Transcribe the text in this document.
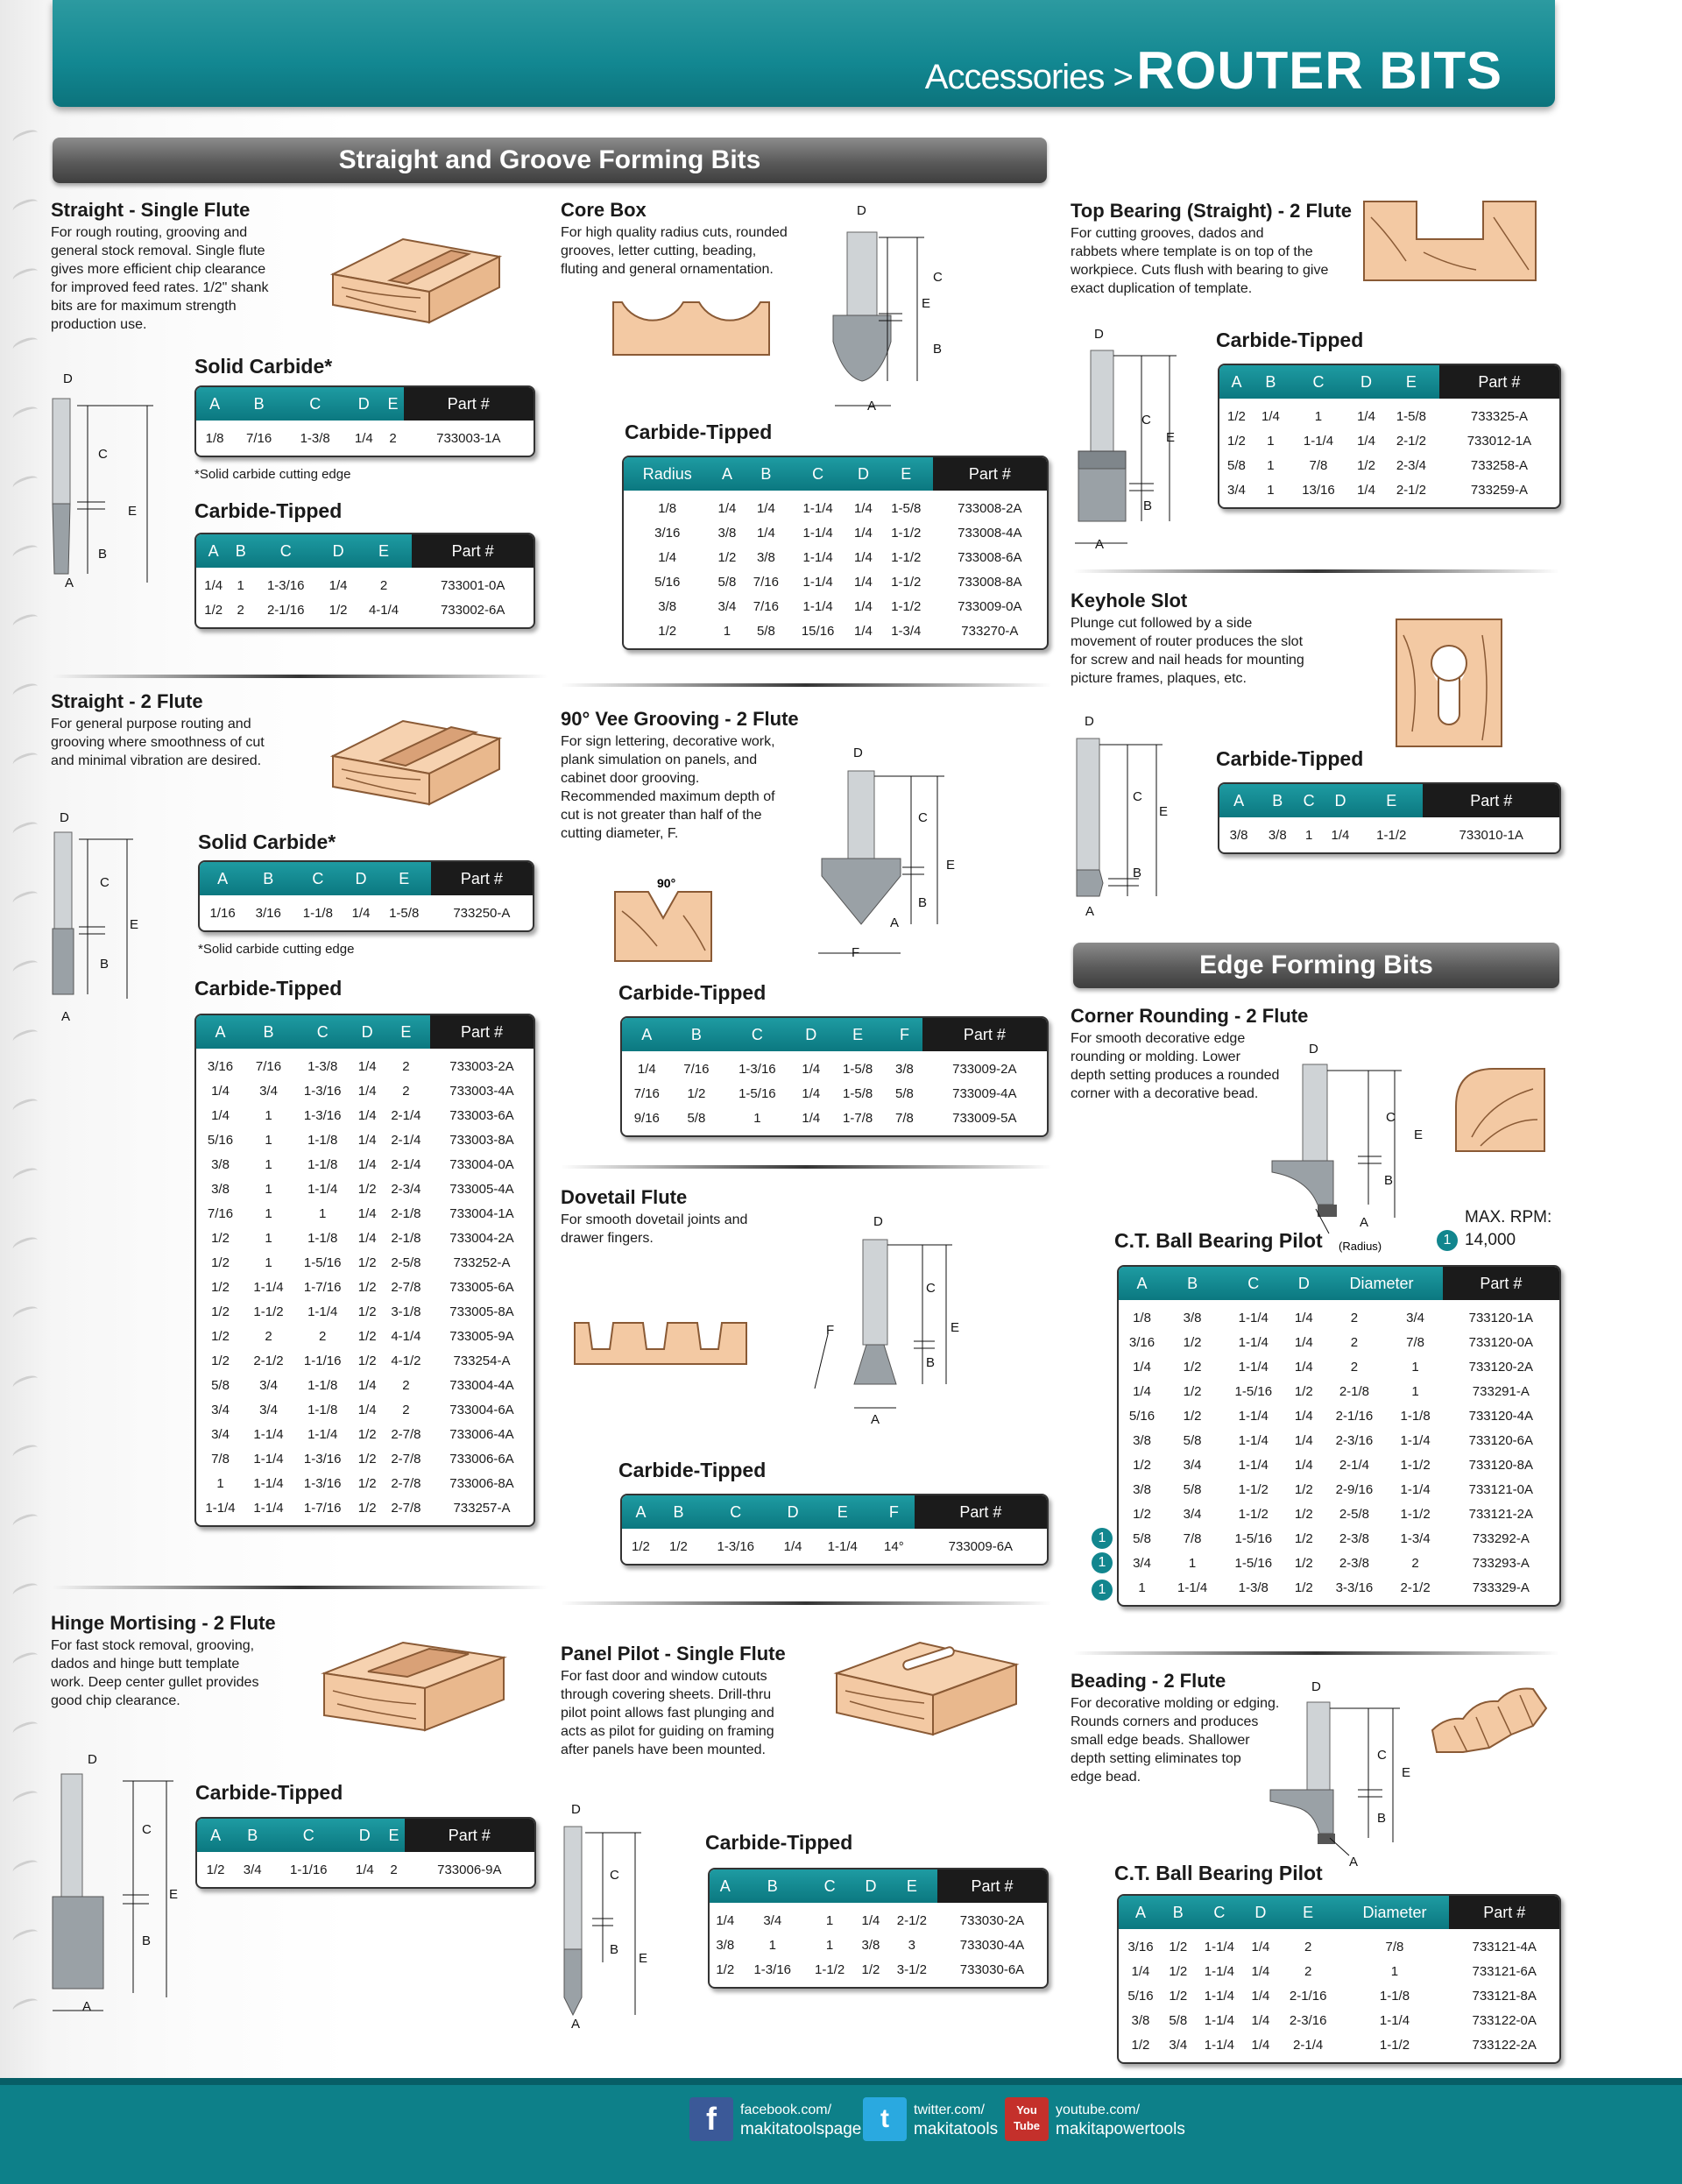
Accessories > ROUTER BITS
Straight and Groove Forming Bits
Edge Forming Bits
Straight - Single Flute

For rough routing, grooving and
general stock removal. Single flute
gives more efficient chip clearance
for improved feed rates. 1/2" shank
bits are for maximum strength
production use.

D
C
E
B
A
Solid Carbide*
A	B	C	D	E	Part #
1/8	7/16	1-3/8	1/4	2	733003-1A
*Solid carbide cutting edge
Carbide-Tipped
A	B	C	D	E	Part #
1/4	1	1-3/16	1/4	2	733001-0A
1/2	2	2-1/16	1/2	4-1/4	733002-6A
Straight - 2 Flute

For general purpose routing and
grooving where smoothness of cut
and minimal vibration are desired.

D
C
E
B
A
Solid Carbide*
A	B	C	D	E	Part #
1/16	3/16	1-1/8	1/4	1-5/8	733250-A
*Solid carbide cutting edge
Carbide-Tipped
A	B	C	D	E	Part #
3/16	7/16	1-3/8	1/4	2	733003-2A
1/4	3/4	1-3/16	1/4	2	733003-4A
1/4	1	1-3/16	1/4	2-1/4	733003-6A
5/16	1	1-1/8	1/4	2-1/4	733003-8A
3/8	1	1-1/8	1/4	2-1/4	733004-0A
3/8	1	1-1/4	1/2	2-3/4	733005-4A
7/16	1	1	1/4	2-1/8	733004-1A
1/2	1	1-1/8	1/4	2-1/8	733004-2A
1/2	1	1-5/16	1/2	2-5/8	733252-A
1/2	1-1/4	1-7/16	1/2	2-7/8	733005-6A
1/2	1-1/2	1-1/4	1/2	3-1/8	733005-8A
1/2	2	2	1/2	4-1/4	733005-9A
1/2	2-1/2	1-1/16	1/2	4-1/2	733254-A
5/8	3/4	1-1/8	1/4	2	733004-4A
3/4	3/4	1-1/8	1/4	2	733004-6A
3/4	1-1/4	1-1/4	1/2	2-7/8	733006-4A
7/8	1-1/4	1-3/16	1/2	2-7/8	733006-6A
1	1-1/4	1-3/16	1/2	2-7/8	733006-8A
1-1/4	1-1/4	1-7/16	1/2	2-7/8	733257-A
Hinge Mortising - 2 Flute

For fast stock removal, grooving,
dados and hinge butt template
work. Deep center gullet provides
good chip clearance.

D
C
E
B
A
Carbide-Tipped
A	B	C	D	E	Part #
1/2	3/4	1-1/16	1/4	2	733006-9A
Core Box

For high quality radius cuts, rounded
grooves, letter cutting, beading,
fluting and general ornamentation.

D
C
E
B
A
Carbide-Tipped
Radius	A	B	C	D	E	Part #
1/8	1/4	1/4	1-1/4	1/4	1-5/8	733008-2A
3/16	3/8	1/4	1-1/4	1/4	1-1/2	733008-4A
1/4	1/2	3/8	1-1/4	1/4	1-1/2	733008-6A
5/16	5/8	7/16	1-1/4	1/4	1-1/2	733008-8A
3/8	3/4	7/16	1-1/4	1/4	1-1/2	733009-0A
1/2	1	5/8	15/16	1/4	1-3/4	733270-A
90° Vee Grooving - 2 Flute

For sign lettering, decorative work,
plank simulation on panels, and
cabinet door grooving.
Recommended maximum depth of
cut is not greater than half of the
cutting diameter, F.

90°
D
C
E
B
A
F
Carbide-Tipped
A	B	C	D	E	F	Part #
1/4	7/16	1-3/16	1/4	1-5/8	3/8	733009-2A
7/16	1/2	1-5/16	1/4	1-5/8	5/8	733009-4A
9/16	5/8	1	1/4	1-7/8	7/8	733009-5A
Dovetail Flute

For smooth dovetail joints and
drawer fingers.

D
C
E
B
F
A
Carbide-Tipped
A	B	C	D	E	F	Part #
1/2	1/2	1-3/16	1/4	1-1/4	14°	733009-6A
Panel Pilot - Single Flute

For fast door and window cutouts
through covering sheets. Drill-thru
pilot point allows fast plunging and
acts as pilot for guiding on framing
after panels have been mounted.

D
C
B
E
A
Carbide-Tipped
A	B	C	D	E	Part #
1/4	3/4	1	1/4	2-1/2	733030-2A
3/8	1	1	3/8	3	733030-4A
1/2	1-3/16	1-1/2	1/2	3-1/2	733030-6A
Top Bearing (Straight) - 2 Flute

For cutting grooves, dados and
rabbets where template is on top of the
workpiece. Cuts flush with bearing to give
exact duplication of template.

D
C
E
B
A
Carbide-Tipped
A	B	C	D	E	Part #
1/2	1/4	1	1/4	1-5/8	733325-A
1/2	1	1-1/4	1/4	2-1/2	733012-1A
5/8	1	7/8	1/2	2-3/4	733258-A
3/4	1	13/16	1/4	2-1/2	733259-A
Keyhole Slot

Plunge cut followed by a side
movement of router produces the slot
for screw and nail heads for mounting
picture frames, plaques, etc.

D
C
E
B
A
Carbide-Tipped
A	B	C	D	E	Part #
3/8	3/8	1	1/4	1-1/2	733010-1A
Corner Rounding - 2 Flute

For smooth decorative edge
rounding or molding. Lower
depth setting produces a rounded
corner with a decorative bead.

D
C
E
B
A
(Radius)	1
MAX. RPM:
14,000
C.T. Ball Bearing Pilot
A	B	C	D	Diameter		Part #
1/8	3/8	1-1/4	1/4	2	3/4	733120-1A
3/16	1/2	1-1/4	1/4	2	7/8	733120-0A
1/4	1/2	1-1/4	1/4	2	1	733120-2A
1/4	1/2	1-5/16	1/2	2-1/8	1	733291-A
5/16	1/2	1-1/4	1/4	2-1/16	1-1/8	733120-4A
3/8	5/8	1-1/4	1/4	2-3/16	1-1/4	733120-6A
1/2	3/4	1-1/4	1/4	2-1/4	1-1/2	733120-8A
3/8	5/8	1-1/2	1/2	2-9/16	1-1/4	733121-0A
1/2	3/4	1-1/2	1/2	2-5/8	1-1/2	733121-2A
5/8	7/8	1-5/16	1/2	2-3/8	1-3/4	733292-A
3/4	1	1-5/16	1/2	2-3/8	2	733293-A
1	1-1/4	1-3/8	1/2	3-3/16	2-1/2	733329-A
1
1
1
Beading - 2 Flute

For decorative molding or edging.
Rounds corners and produces
small edge beads. Shallower
depth setting eliminates top
edge bead.

D
C
E
B
A
C.T. Ball Bearing Pilot
A	B	C	D	E	Diameter	Part #
3/16	1/2	1-1/4	1/4	2	7/8	733121-4A
1/4	1/2	1-1/4	1/4	2	1	733121-6A
5/16	1/2	1-1/4	1/4	2-1/16	1-1/8	733121-8A
3/8	5/8	1-1/4	1/4	2-3/16	1-1/4	733122-0A
1/2	3/4	1-1/4	1/4	2-1/4	1-1/2	733122-2A
f	facebook.com/
makitatoolspage t	twitter.com/
makitatools
You
Tube
youtube.com/
makitapowertools
